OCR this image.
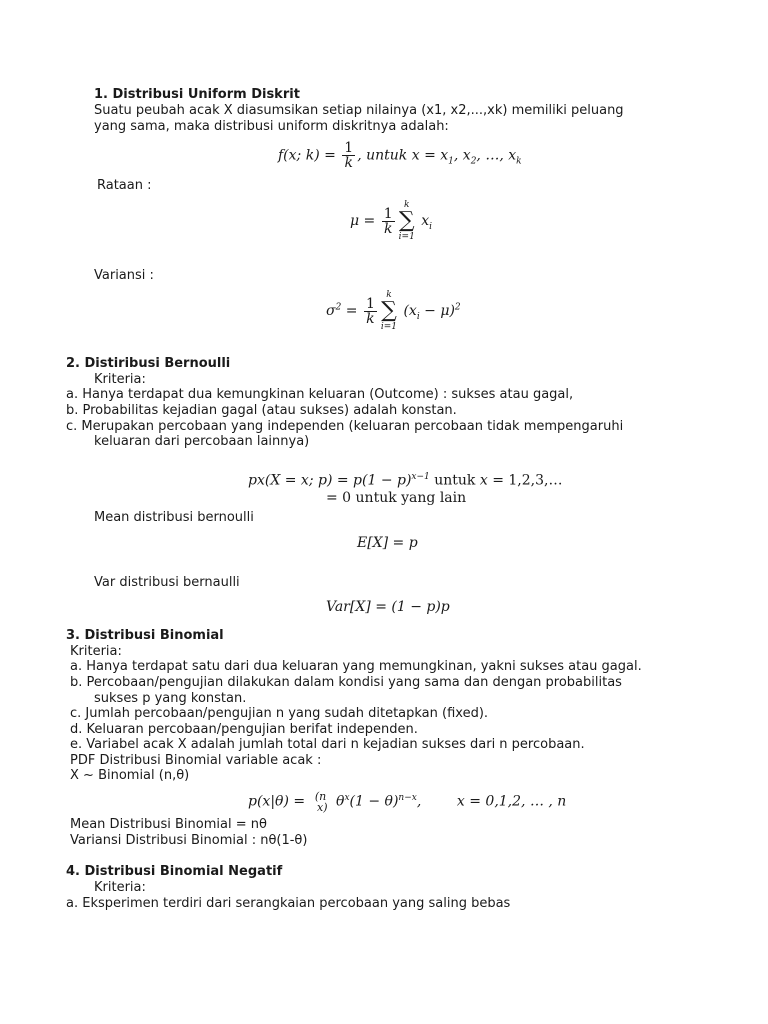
1. Distribusi Uniform Diskrit
Suatu peubah acak X diasumsikan setiap nilainya (x1, x2,...,xk) memiliki peluang
yang sama, maka distribusi uniform diskritnya adalah:
f(x; $k) = \frac{1}{k}$ , untuk $x = x_1$, $x_2$, …, $x_k$
Rataan :
$\mu = \frac{1}{k}$
k
∑
i=1
$x_i$
Variansi :
$\sigma^2 = \frac{1}{k}$
k
∑
i=1
$(x_i - \mu)^2$
2. Distiribusi Bernoulli
Kriteria:
a. Hanya terdapat dua kemungkinan keluaran (Outcome) : sukses atau gagal,
b. Probabilitas kejadian gagal (atau sukses) adalah konstan.
c. Merupakan percobaan yang independen (keluaran percobaan tidak mempengaruhi
keluaran dari percobaan lainnya)
px(X = x; $p) = p(1 - p)^{x-1}$ untuk x = 1,2,3,…
= 0 untuk yang lain
Mean distribusi bernoulli
E[X] = p
Var distribusi bernaulli
Var[X] = (1 − p)p
3. Distribusi Binomial
Kriteria:
a. Hanya terdapat satu dari dua keluaran yang memungkinan, yakni sukses atau gagal.
b. Percobaan/pengujian dilakukan dalam kondisi yang sama dan dengan probabilitas
sukses p yang konstan.
c. Jumlah percobaan/pengujian n yang sudah ditetapkan (fixed).
d. Keluaran percobaan/pengujian berifat independen.
e. Variabel acak X adalah jumlah total dari n kejadian sukses dari n percobaan.
PDF Distribusi Binomial variable acak :
X ~ Binomial (n,θ)
p(x|θ) = (n
x) $\theta^x(1 - \theta)^{n-x}$,        x = 0,1,2, … , n
Mean Distribusi Binomial = nθ
Variansi Distribusi Binomial : nθ(1-θ)
4. Distribusi Binomial Negatif
Kriteria:
a. Eksperimen terdiri dari serangkaian percobaan yang saling bebas
